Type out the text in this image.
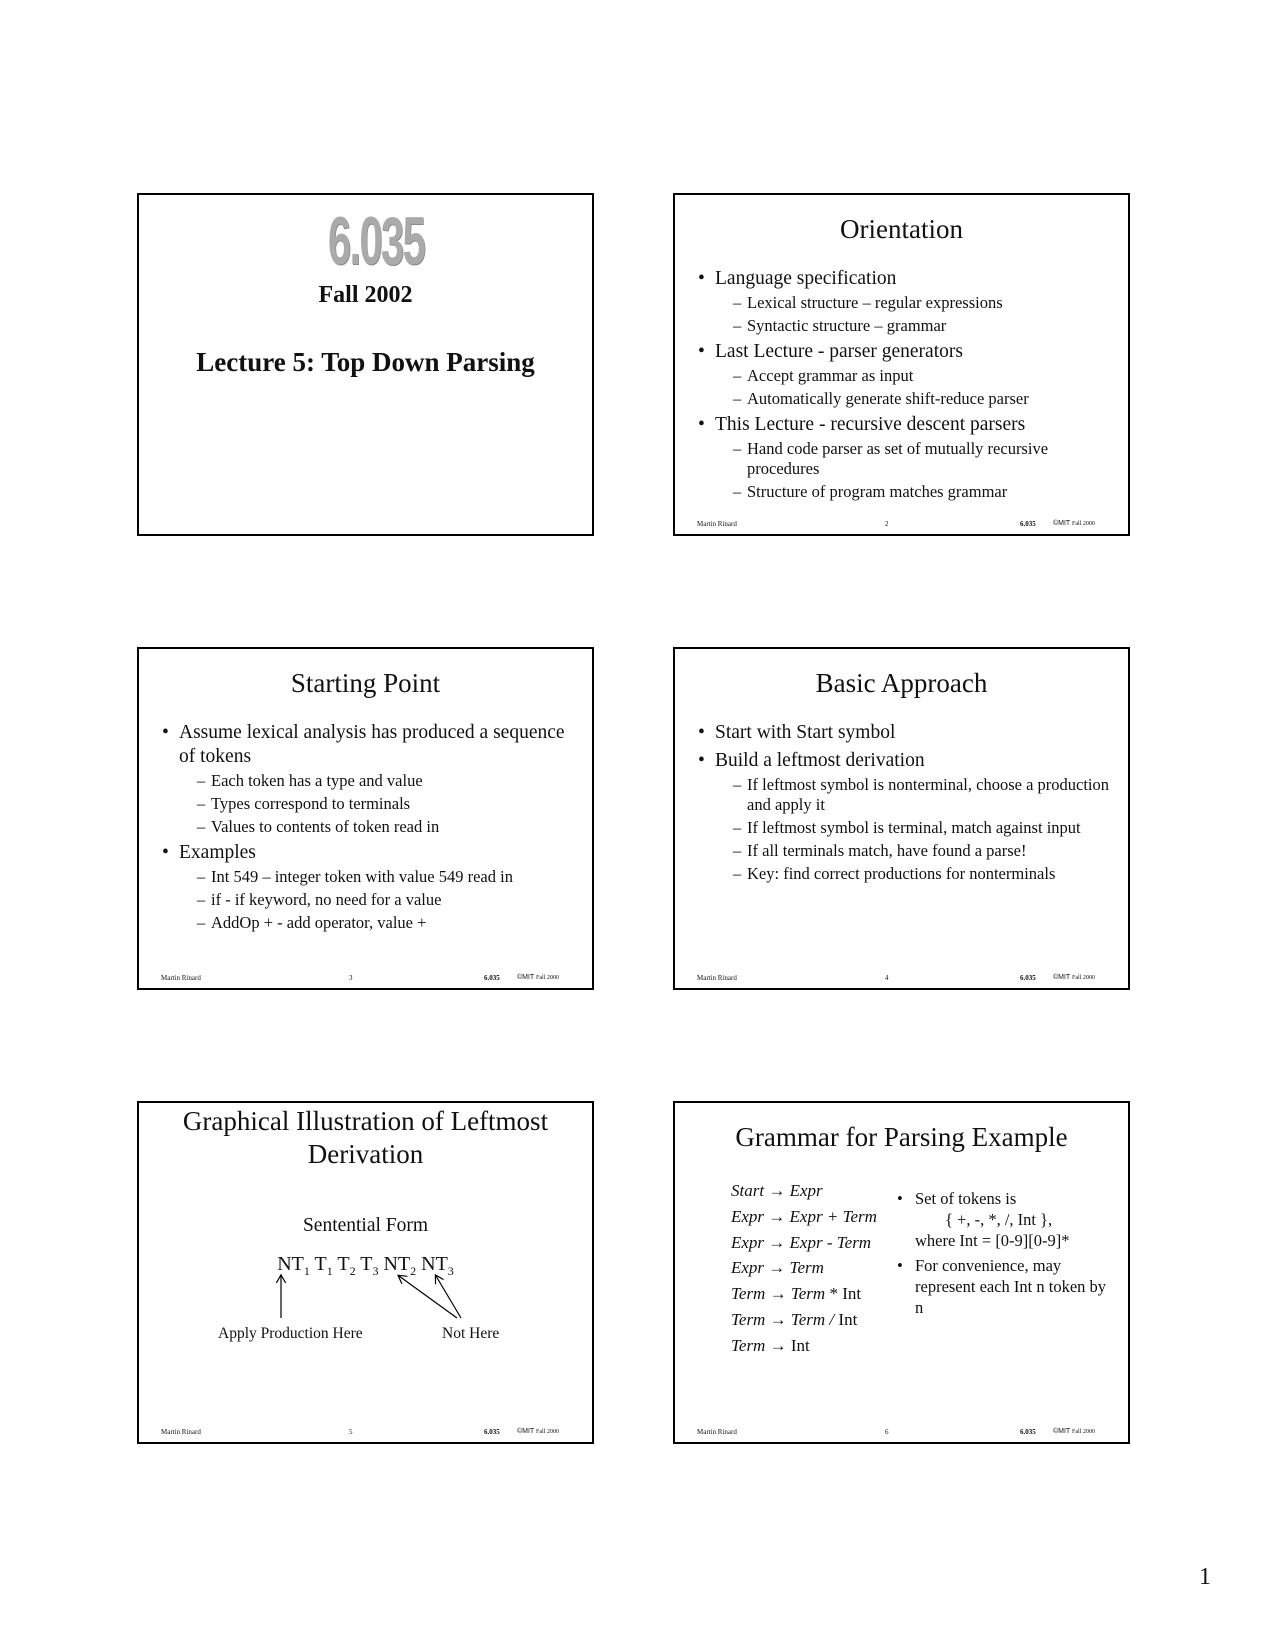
6.035
Fall 2002
Lecture 5: Top Down Parsing
Orientation
• Language specification
– Lexical structure – regular expressions
– Syntactic structure – grammar
• Last Lecture - parser generators
– Accept grammar as input
– Automatically generate shift-reduce parser
• This Lecture - recursive descent parsers
– Hand code parser as set of mutually recursive procedures
– Structure of program matches grammar
Martin Rinard	2	6.035 ©MIT Fall 2000
Starting Point
• Assume lexical analysis has produced a sequence of tokens
– Each token has a type and value
– Types correspond to terminals
– Values to contents of token read in
• Examples
– Int 549 – integer token with value 549 read in
– if - if keyword, no need for a value
– AddOp + - add operator, value +
Martin Rinard	3	6.035 ©MIT Fall 2000
Basic Approach
• Start with Start symbol
• Build a leftmost derivation
– If leftmost symbol is nonterminal, choose a production and apply it
– If leftmost symbol is terminal, match against input
– If all terminals match, have found a parse!
– Key: find correct productions for nonterminals
Martin Rinard	4	6.035 ©MIT Fall 2000
Graphical Illustration of Leftmost
Derivation
Sentential Form
$NT_1$ $T_1$ $T_2$ $T_3$ $NT_2$ $NT_3$
Apply Production Here	Not Here
Martin Rinard	5	6.035 ©MIT Fall 2000
Grammar for Parsing Example
Start → Expr
Expr → Expr + Term
Expr → Expr - Term
Expr → Term
Term → Term * Int
Term → Term / Int
Term → Int
• Set of tokens is
{ +, -, *, /, Int },
where Int = [0-9][0-9]*
• For convenience, may represent each Int n token by n
Martin Rinard	6	6.035 ©MIT Fall 2000
1
